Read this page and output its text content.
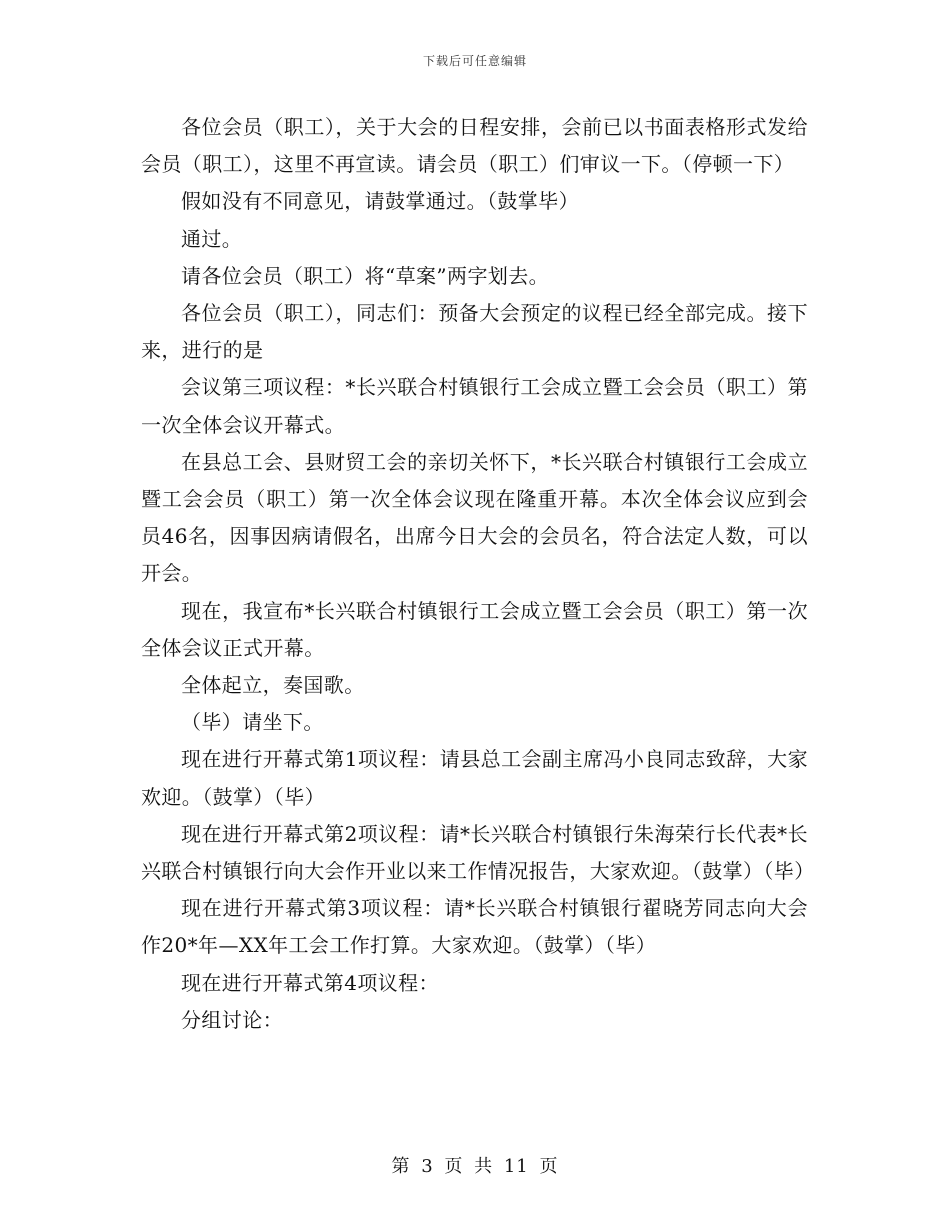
下载后可任意编辑

各位会员（职工），关于大会的日程安排，会前已以书面表格形式发给会员（职工），这里不再宣读。请会员（职工）们审议一下。（停顿一下）

假如没有不同意见，请鼓掌通过。（鼓掌毕）

通过。

请各位会员（职工）将“草案”两字划去。

各位会员（职工），同志们：预备大会预定的议程已经全部完成。接下来，进行的是

会议第三项议程：*长兴联合村镇银行工会成立暨工会会员（职工）第一次全体会议开幕式。

在县总工会、县财贸工会的亲切关怀下，*长兴联合村镇银行工会成立暨工会会员（职工）第一次全体会议现在隆重开幕。本次全体会议应到会员46名，因事因病请假名，出席今日大会的会员名，符合法定人数，可以开会。

现在，我宣布*长兴联合村镇银行工会成立暨工会会员（职工）第一次全体会议正式开幕。

全体起立，奏国歌。

（毕）请坐下。

现在进行开幕式第1项议程：请县总工会副主席冯小良同志致辞，大家欢迎。（鼓掌）（毕）

现在进行开幕式第2项议程：请*长兴联合村镇银行朱海荣行长代表*长兴联合村镇银行向大会作开业以来工作情况报告，大家欢迎。（鼓掌）（毕）

现在进行开幕式第3项议程：请*长兴联合村镇银行翟晓芳同志向大会作20*年—XX年工会工作打算。大家欢迎。（鼓掌）（毕）

现在进行开幕式第4项议程：

分组讨论：

第 3 页 共 11 页
